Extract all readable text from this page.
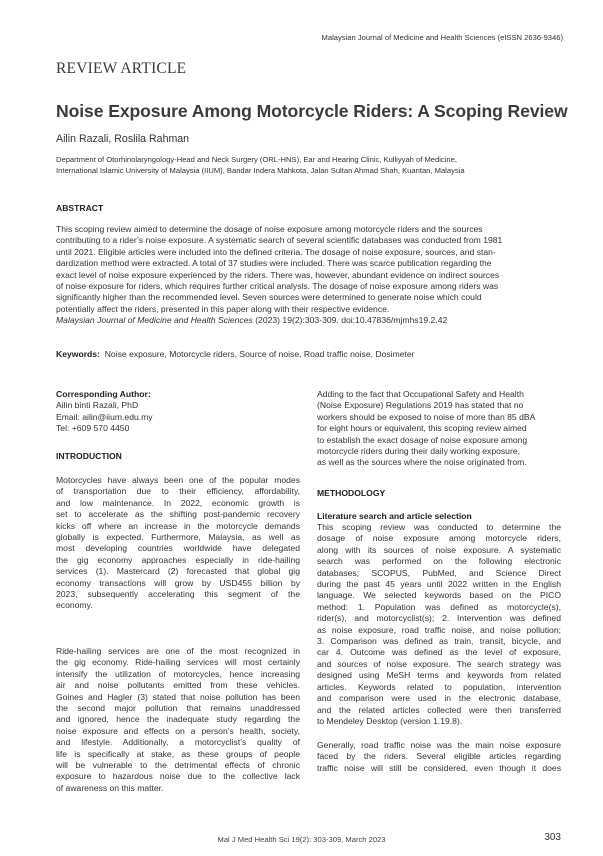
Malaysian Journal of Medicine and Health Sciences (eISSN 2636-9346)
REVIEW ARTICLE
Noise Exposure Among Motorcycle Riders: A Scoping Review
Ailin Razali, Roslila Rahman
Department of Otorhinolaryngology-Head and Neck Surgery (ORL-HNS), Ear and Hearing Clinic, Kulliyyah of Medicine,
International Islamic University of Malaysia (IIUM), Bandar Indera Mahkota, Jalan Sultan Ahmad Shah, Kuantan, Malaysia
ABSTRACT
This scoping review aimed to determine the dosage of noise exposure among motorcycle riders and the sources
contributing to a rider’s noise exposure. A systematic search of several scientific databases was conducted from 1981
until 2021. Eligible articles were included into the defined criteria. The dosage of noise exposure, sources, and stan-
dardization method were extracted. A total of 37 studies were included. There was scarce publication regarding the
exact level of noise exposure experienced by the riders. There was, however, abundant evidence on indirect sources
of noise exposure for riders, which requires further critical analysis. The dosage of noise exposure among riders was
significantly higher than the recommended level. Seven sources were determined to generate noise which could
potentially affect the riders, presented in this paper along with their respective evidence.
Malaysian Journal of Medicine and Health Sciences (2023) 19(2):303-309. doi:10.47836/mjmhs19.2.42
Keywords: Noise exposure, Motorcycle riders, Source of noise, Road traffic noise, Dosimeter
Corresponding Author:
Ailin binti Razali, PhD
Email: ailin@iium.edu.my
Tel: +609 570 4450
INTRODUCTION
Motorcycles have always been one of the popular modes
of transportation due to their efficiency, affordability,
and low maintenance. In 2022, economic growth is
set to accelerate as the shifting post-pandemic recovery
kicks off where an increase in the motorcycle demands
globally is expected. Furthermore, Malaysia, as well as
most developing countries worldwide have delegated
the gig economy approaches especially in ride-hailing
services (1). Mastercard (2) forecasted that global gig
economy transactions will grow by USD455 billion by
2023, subsequently accelerating this segment of the
economy.
Ride-hailing services are one of the most recognized in
the gig economy. Ride-hailing services will most certainly
intensify the utilization of motorcycles, hence increasing
air and noise pollutants emitted from these vehicles.
Goines and Hagler (3) stated that noise pollution has been
the second major pollution that remains unaddressed
and ignored, hence the inadequate study regarding the
noise exposure and effects on a person’s health, society,
and lifestyle. Additionally, a motorcyclist’s quality of
life is specifically at stake, as these groups of people
will be vulnerable to the detrimental effects of chronic
exposure to hazardous noise due to the collective lack
of awareness on this matter.
Adding to the fact that Occupational Safety and Health
(Noise Exposure) Regulations 2019 has stated that no
workers should be exposed to noise of more than 85 dBA
for eight hours or equivalent, this scoping review aimed
to establish the exact dosage of noise exposure among
motorcycle riders during their daily working exposure,
as well as the sources where the noise originated from.
METHODOLOGY
Literature search and article selection
This scoping review was conducted to determine the
dosage of noise exposure among motorcycle riders,
along with its sources of noise exposure. A systematic
search was performed on the following electronic
databases; SCOPUS, PubMed, and Science Direct
during the past 45 years until 2022 written in the English
language. We selected keywords based on the PICO
method: 1. Population was defined as motorcycle(s),
rider(s), and motorcyclist(s); 2. Intervention was defined
as noise exposure, road traffic noise, and noise pollution;
3. Comparison was defined as train, transit, bicycle, and
car 4. Outcome was defined as the level of exposure,
and sources of noise exposure. The search strategy was
designed using MeSH terms and keywords from related
articles. Keywords related to population, intervention
and comparison were used in the electronic database,
and the related articles collected were then transferred
to Mendeley Desktop (version 1.19.8).
Generally, road traffic noise was the main noise exposure
faced by the riders. Several eligible articles regarding
traffic noise will still be considered, even though it does
Mal J Med Health Sci 19(2): 303-309, March 2023	303
